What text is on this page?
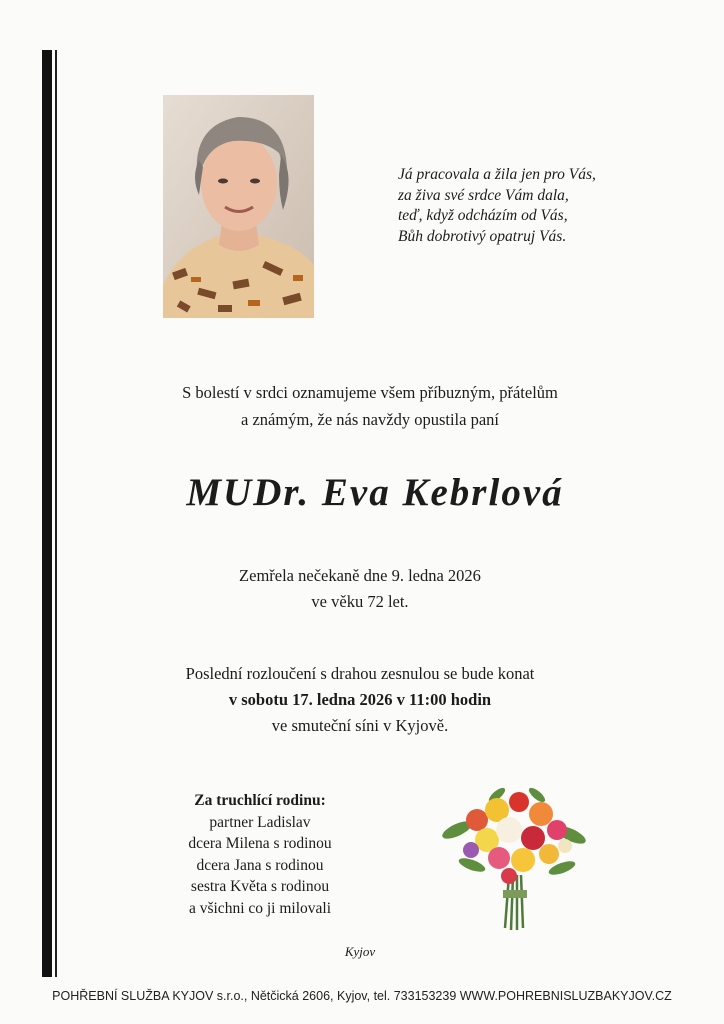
Já pracovala a žila jen pro Vás,
za živa své srdce Vám dala,
teď, když odcházím od Vás,
Bůh dobrotivý opatruj Vás.
S bolestí v srdci oznamujeme všem příbuzným, přátelům
a známým, že nás navždy opustila paní
MUDr. Eva Kebrlová
Zemřela nečekaně dne 9. ledna 2026
ve věku 72 let.
Poslední rozloučení s drahou zesnulou se bude konat
v sobotu 17. ledna 2026 v 11:00 hodin
ve smuteční síni v Kyjově.
Za truchlící rodinu:
partner Ladislav
dcera Milena s rodinou
dcera Jana s rodinou
sestra Květa s rodinou
a všichni co ji milovali
Kyjov
POHŘEBNÍ SLUŽBA KYJOV s.r.o., Nětčická 2606, Kyjov, tel. 733153239 WWW.POHREBNISLUZBAKYJOV.CZ
